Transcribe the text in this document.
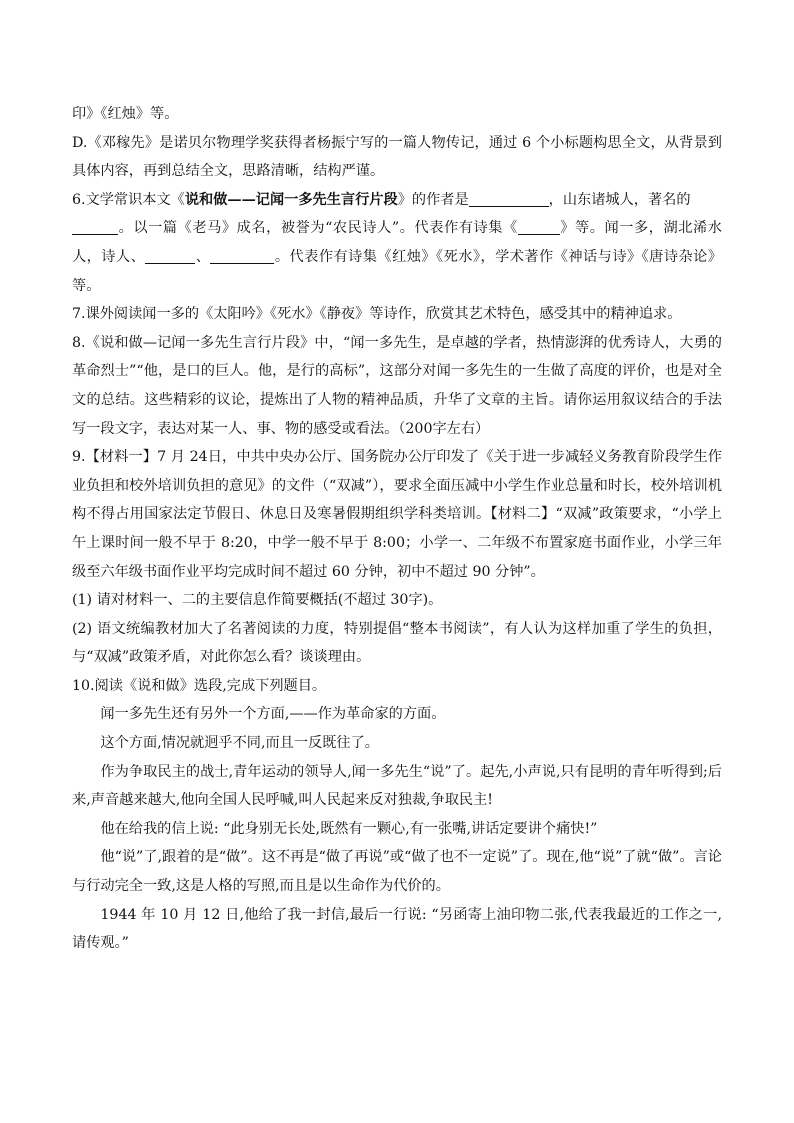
印》《红烛》等。

D.《邓稼先》是诺贝尔物理学奖获得者杨振宁写的一篇人物传记，通过 6 个小标题构思全文，从背景到具体内容，再到总结全文，思路清晰，结构严谨。

6.文学常识本文《说和做——记闻一多先生言行片段》的作者是	，山东诸城人，著名的
。以一篇《老马》成名，被誉为“农民诗人”。代表作有诗集《	》等。闻一多，湖北浠水人，诗人、	、	。代表作有诗集《红烛》《死水》，学术著作《神话与诗》《唐诗杂论》等。

7.课外阅读闻一多的《太阳吟》《死水》《静夜》等诗作，欣赏其艺术特色，感受其中的精神追求。

8.《说和做—记闻一多先生言行片段》中，“闻一多先生，是卓越的学者，热情澎湃的优秀诗人，大勇的革命烈士”“他，是口的巨人。他，是行的高标”，这部分对闻一多先生的一生做了高度的评价，也是对全文的总结。这些精彩的议论，提炼出了人物的精神品质，升华了文章的主旨。请你运用叙议结合的手法写一段文字，表达对某一人、事、物的感受或看法。（200字左右）

9.【材料一】7 月 24日，中共中央办公厅、国务院办公厅印发了《关于进一步减轻义务教育阶段学生作业负担和校外培训负担的意见》的文件（“双减”），要求全面压减中小学生作业总量和时长，校外培训机构不得占用国家法定节假日、休息日及寒暑假期组织学科类培训。【材料二】“双减”政策要求，“小学上午上课时间一般不早于 8:20，中学一般不早于 8:00；小学一、二年级不布置家庭书面作业，小学三年级至六年级书面作业平均完成时间不超过 60 分钟，初中不超过 90 分钟”。

(1) 请对材料一、二的主要信息作简要概括(不超过 30字)。

(2) 语文统编教材加大了名著阅读的力度，特别提倡“整本书阅读”，有人认为这样加重了学生的负担，与“双减”政策矛盾，对此你怎么看？谈谈理由。

10.阅读《说和做》选段,完成下列题目。

闻一多先生还有另外一个方面,——作为革命家的方面。

这个方面,情况就迥乎不同,而且一反既往了。

作为争取民主的战士,青年运动的领导人,闻一多先生“说”了。起先,小声说,只有昆明的青年听得到;后来,声音越来越大,他向全国人民呼喊,叫人民起来反对独裁,争取民主!

他在给我的信上说: “此身别无长处,既然有一颗心,有一张嘴,讲话定要讲个痛快!”

他“说”了,跟着的是“做”。这不再是“做了再说”或“做了也不一定说”了。现在,他“说”了就“做”。言论与行动完全一致,这是人格的写照,而且是以生命作为代价的。

1944 年 10 月 12 日,他给了我一封信,最后一行说: “另函寄上油印物二张,代表我最近的工作之一,请传观。”
